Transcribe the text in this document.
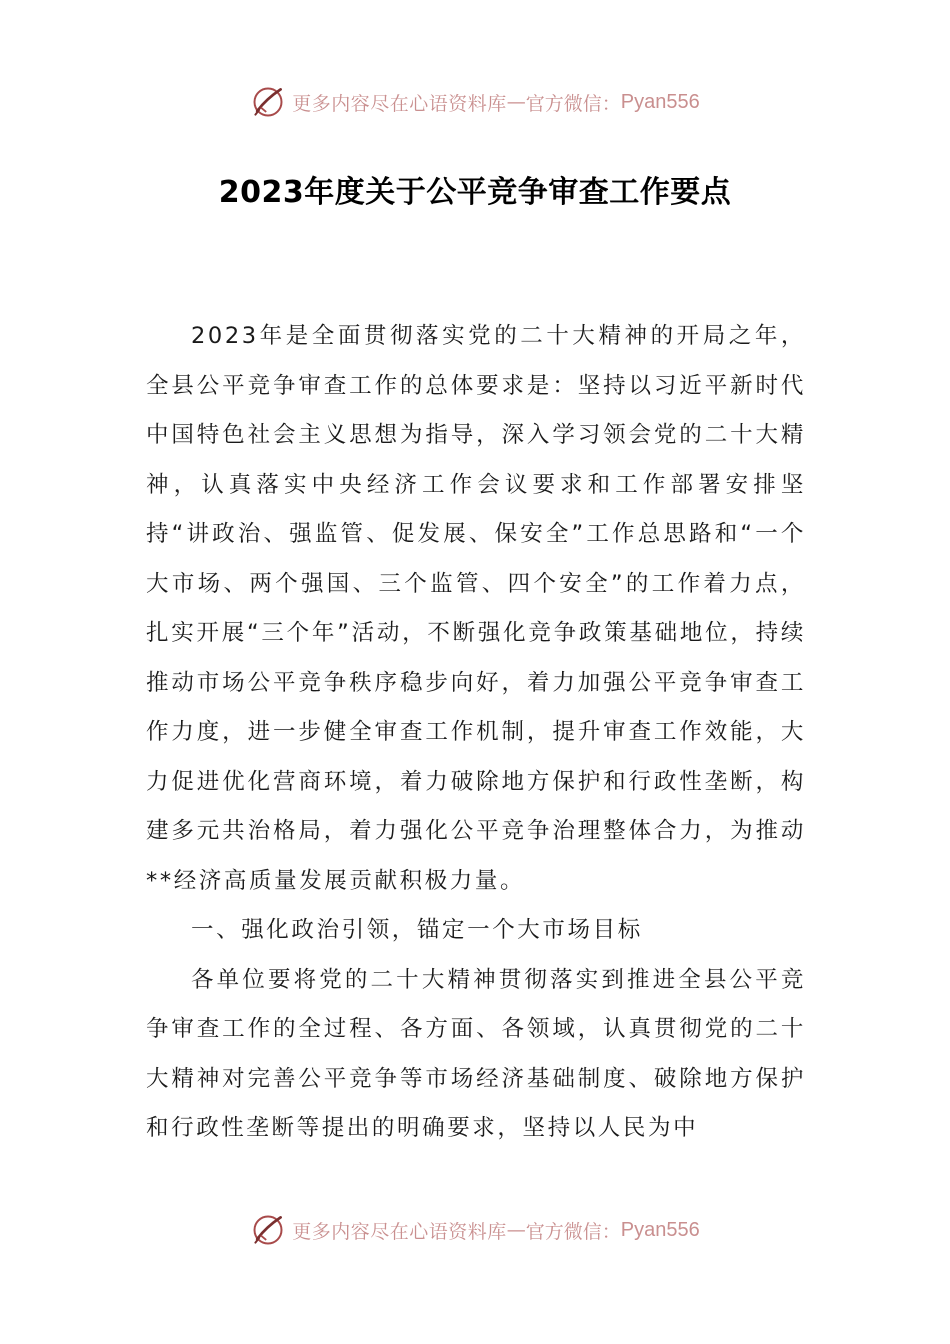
更多内容尽在心语资料库 — 官方微信： Pyan556
2023年度关于公平竞争审查工作要点

2023年是全面贯彻落实党的二十大精神的开局之年，全县公平竞争审查工作的总体要求是：坚持以习近平新时代中国特色社会主义思想为指导，深入学习领会党的二十大精神，认真落实中央经济工作会议要求和工作部署安排坚持“讲政治、强监管、促发展、保安全”工作总思路和“一个大市场、两个强国、三个监管、四个安全”的工作着力点，扎实开展“三个年”活动，不断强化竞争政策基础地位，持续推动市场公平竞争秩序稳步向好，着力加强公平竞争审查工作力度，进一步健全审查工作机制，提升审查工作效能，大力促进优化营商环境，着力破除地方保护和行政性垄断，构建多元共治格局，着力强化公平竞争治理整体合力，为推动**经济高质量发展贡献积极力量。

一、强化政治引领，锚定一个大市场目标

各单位要将党的二十大精神贯彻落实到推进全县公平竞争审查工作的全过程、各方面、各领域，认真贯彻党的二十大精神对完善公平竞争等市场经济基础制度、破除地方保护和行政性垄断等提出的明确要求，坚持以人民为中

更多内容尽在心语资料库 — 官方微信： Pyan556
